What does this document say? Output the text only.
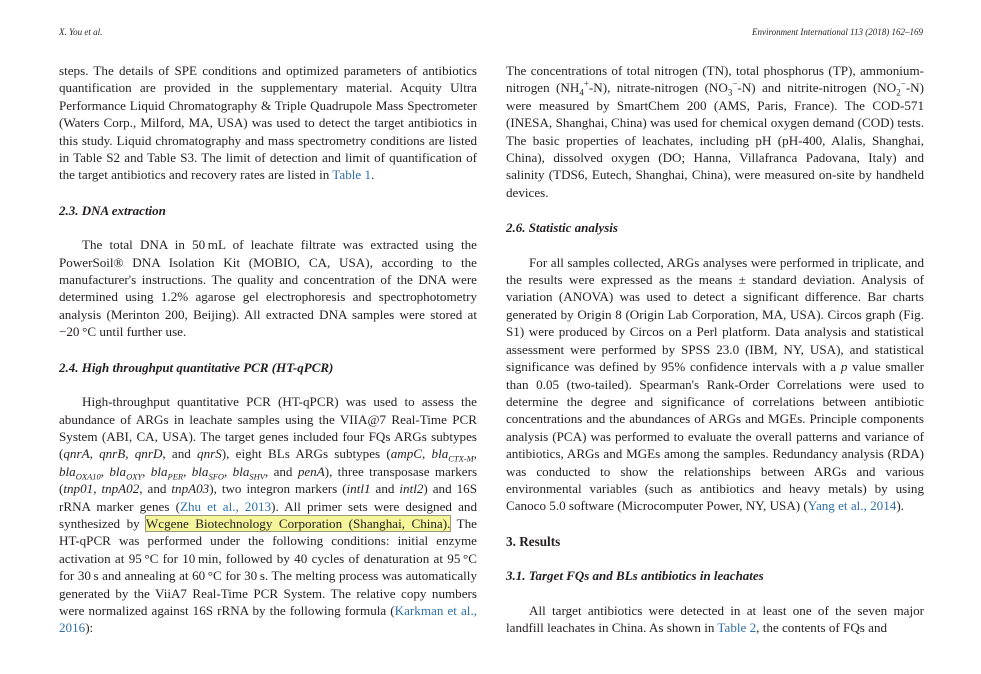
X. You et al.	Environment International 113 (2018) 162–169

steps. The details of SPE conditions and optimized parameters of antibiotics quantification are provided in the supplementary material. Acquity Ultra Performance Liquid Chromatography & Triple Quadrupole Mass Spectrometer (Waters Corp., Milford, MA, USA) was used to detect the target antibiotics in this study. Liquid chromatography and mass spectrometry conditions are listed in Table S2 and Table S3. The limit of detection and limit of quantification of the target antibiotics and recovery rates are listed in Table 1.

2.3. DNA extraction

The total DNA in 50 mL of leachate filtrate was extracted using the PowerSoil® DNA Isolation Kit (MOBIO, CA, USA), according to the manufacturer's instructions. The quality and concentration of the DNA were determined using 1.2% agarose gel electrophoresis and spectrophotometry analysis (Merinton 200, Beijing). All extracted DNA samples were stored at −20 °C until further use.

2.4. High throughput quantitative PCR (HT-qPCR)

High-throughput quantitative PCR (HT-qPCR) was used to assess the abundance of ARGs in leachate samples using the VIIA@7 Real-Time PCR System (ABI, CA, USA). The target genes included four FQs ARGs subtypes (qnrA, qnrB, qnrD, and qnrS), eight BLs ARGs subtypes (ampC, bla$_{CTX-M}$, bla$_{OXA10}$, bla$_{OXY}$, bla$_{PER}$, bla$_{SFO}$, bla$_{SHV}$, and penA), three transposase markers (tnp01, tnpA02, and tnpA03), two integron markers (intl1 and intl2) and 16S rRNA marker genes (Zhu et al., 2013). All primer sets were designed and synthesized by Wcgene Biotechnology Corporation (Shanghai, China). The HT-qPCR was performed under the following conditions: initial enzyme activation at 95 °C for 10 min, followed by 40 cycles of denaturation at 95 °C for 30 s and annealing at 60 °C for 30 s. The melting process was automatically generated by the ViiA7 Real-Time PCR System. The relative copy numbers were normalized against 16S rRNA by the following formula (Karkman et al., 2016):

The concentrations of total nitrogen (TN), total phosphorus (TP), ammonium-nitrogen $(NH_4^+-N)$, nitrate-nitrogen $(NO_3^--N)$ and nitrite-nitrogen $(NO_2^--N)$ were measured by SmartChem 200 (AMS, Paris, France). The COD-571 (INESA, Shanghai, China) was used for chemical oxygen demand (COD) tests. The basic properties of leachates, including pH (pH-400, Alalis, Shanghai, China), dissolved oxygen (DO; Hanna, Villafranca Padovana, Italy) and salinity (TDS6, Eutech, Shanghai, China), were measured on-site by handheld devices.

2.6. Statistic analysis

For all samples collected, ARGs analyses were performed in triplicate, and the results were expressed as the means ± standard deviation. Analysis of variation (ANOVA) was used to detect a significant difference. Bar charts generated by Origin 8 (Origin Lab Corporation, MA, USA). Circos graph (Fig. S1) were produced by Circos on a Perl platform. Data analysis and statistical assessment were performed by SPSS 23.0 (IBM, NY, USA), and statistical significance was defined by 95% confidence intervals with a p value smaller than 0.05 (two-tailed). Spearman's Rank-Order Correlations were used to determine the degree and significance of correlations between antibiotic concentrations and the abundances of ARGs and MGEs. Principle components analysis (PCA) was performed to evaluate the overall patterns and variance of antibiotics, ARGs and MGEs among the samples. Redundancy analysis (RDA) was conducted to show the relationships between ARGs and various environmental variables (such as antibiotics and heavy metals) by using Canoco 5.0 software (Microcomputer Power, NY, USA) (Yang et al., 2014).

3. Results
3.1. Target FQs and BLs antibiotics in leachates

All target antibiotics were detected in at least one of the seven major landfill leachates in China. As shown in Table 2, the contents of FQs and
